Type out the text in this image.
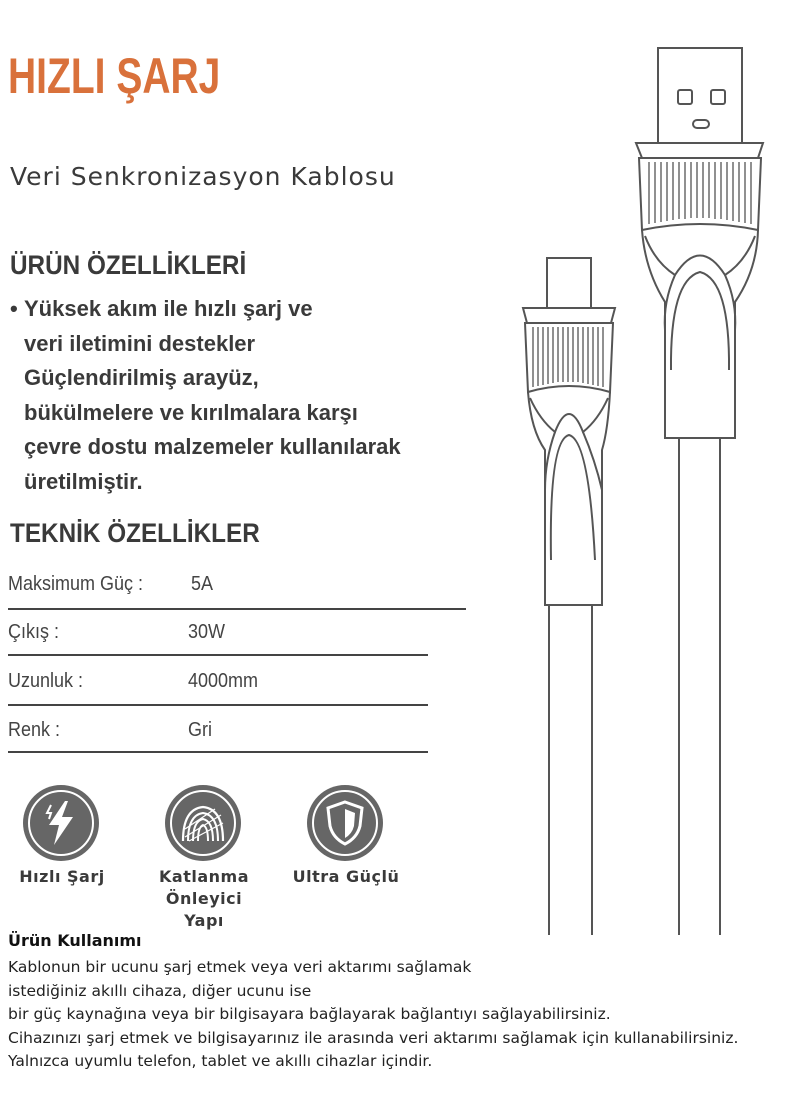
HIZLI ŞARJ
Veri Senkronizasyon Kablosu
ÜRÜN ÖZELLİKLERİ
• Yüksek akım ile hızlı şarj ve
veri iletimini destekler
Güçlendirilmiş arayüz,
bükülmelere ve kırılmalara karşı
çevre dostu malzemeler kullanılarak
üretilmiştir.
TEKNİK ÖZELLİKLER
Maksimum Güç : 5A
Çıkış :	30W
Uzunluk :	4000mm
Renk :	Gri
Hızlı Şarj	Katlanma Önleyici
Yapı
Ultra Güçlü
Ürün Kullanımı
Kablonun bir ucunu şarj etmek veya veri aktarımı sağlamak
istediğiniz akıllı cihaza, diğer ucunu ise
bir güç kaynağına veya bir bilgisayara bağlayarak bağlantıyı sağlayabilirsiniz.
Cihazınızı şarj etmek ve bilgisayarınız ile arasında veri aktarımı sağlamak için kullanabilirsiniz.
Yalnızca uyumlu telefon, tablet ve akıllı cihazlar içindir.
